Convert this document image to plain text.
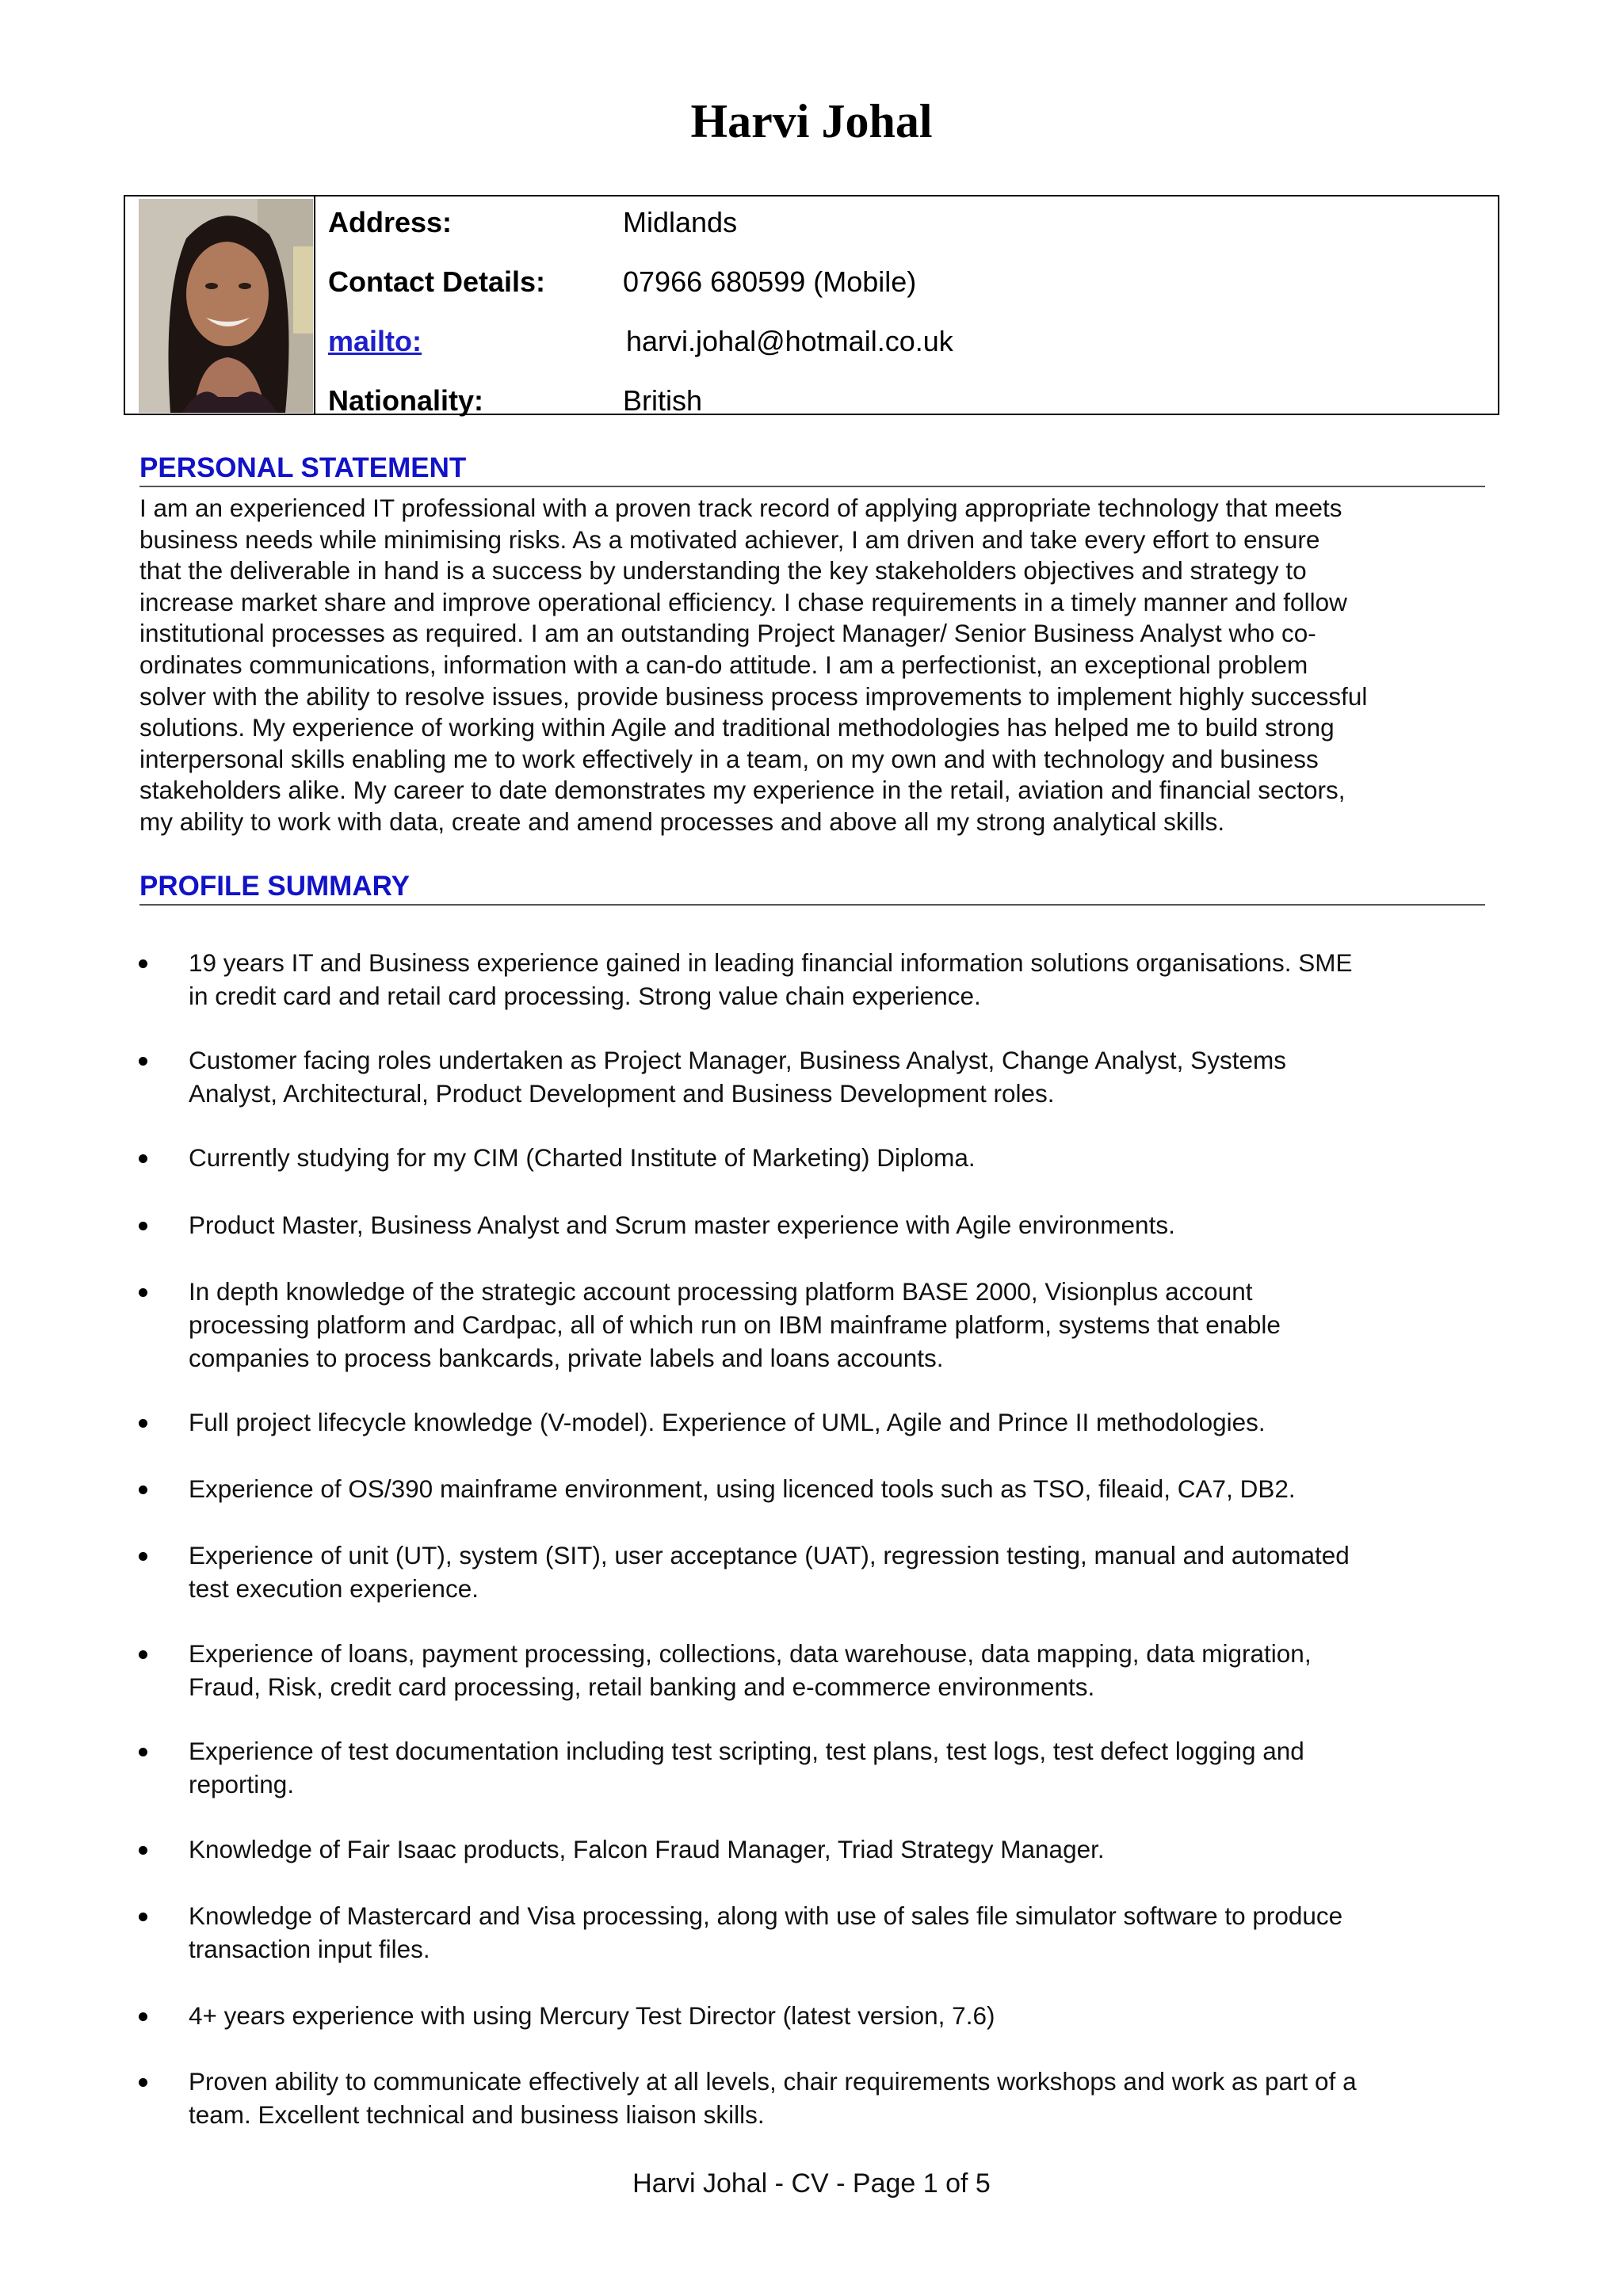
Harvi Johal
Address:	Midlands
Contact Details:	07966 680599 (Mobile)
mailto:	harvi.johal@hotmail.co.uk
Nationality:	British
PERSONAL STATEMENT
I am an experienced IT professional with a proven track record of applying appropriate technology that meets
business needs while minimising risks. As a motivated achiever, I am driven and take every effort to ensure
that the deliverable in hand is a success by understanding the key stakeholders objectives and strategy to
increase market share and improve operational efficiency. I chase requirements in a timely manner and follow
institutional processes as required. I am an outstanding Project Manager/ Senior Business Analyst who co-
ordinates communications, information with a can-do attitude. I am a perfectionist, an exceptional problem
solver with the ability to resolve issues, provide business process improvements to implement highly successful
solutions. My experience of working within Agile and traditional methodologies has helped me to build strong
interpersonal skills enabling me to work effectively in a team, on my own and with technology and business
stakeholders alike. My career to date demonstrates my experience in the retail, aviation and financial sectors,
my ability to work with data, create and amend processes and above all my strong analytical skills.
PROFILE SUMMARY
19 years IT and Business experience gained in leading financial information solutions organisations. SME
in credit card and retail card processing. Strong value chain experience.
Customer facing roles undertaken as Project Manager, Business Analyst, Change Analyst, Systems
Analyst, Architectural, Product Development and Business Development roles.
Currently studying for my CIM (Charted Institute of Marketing) Diploma.
Product Master, Business Analyst and Scrum master experience with Agile environments.
In depth knowledge of the strategic account processing platform BASE 2000, Visionplus account
processing platform and Cardpac, all of which run on IBM mainframe platform, systems that enable
companies to process bankcards, private labels and loans accounts.
Full project lifecycle knowledge (V-model). Experience of UML, Agile and Prince II methodologies.
Experience of OS/390 mainframe environment, using licenced tools such as TSO, fileaid, CA7, DB2.
Experience of unit (UT), system (SIT), user acceptance (UAT), regression testing, manual and automated
test execution experience.
Experience of loans, payment processing, collections, data warehouse, data mapping, data migration,
Fraud, Risk, credit card processing, retail banking and e-commerce environments.
Experience of test documentation including test scripting, test plans, test logs, test defect logging and
reporting.
Knowledge of Fair Isaac products, Falcon Fraud Manager, Triad Strategy Manager.
Knowledge of Mastercard and Visa processing, along with use of sales file simulator software to produce
transaction input files.
4+ years experience with using Mercury Test Director (latest version, 7.6)
Proven ability to communicate effectively at all levels, chair requirements workshops and work as part of a
team. Excellent technical and business liaison skills.
Harvi Johal - CV - Page 1 of 5
